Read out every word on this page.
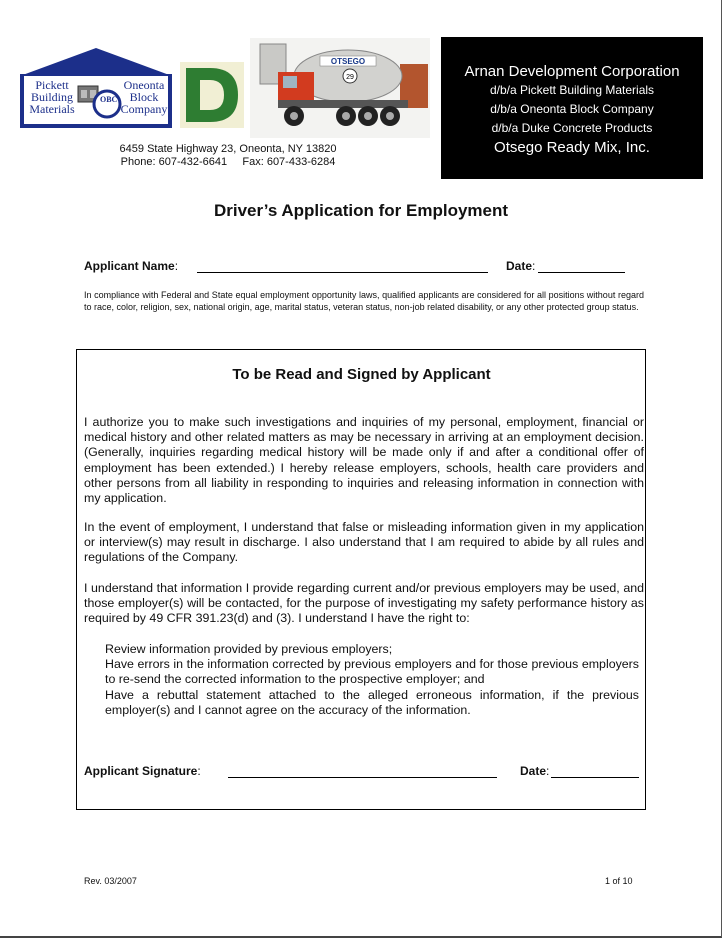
Pickett
Building
Materials
OBC
Oneonta
Block
Company
OTSEGO
29
6459 State Highway 23, Oneonta, NY 13820
Phone: 607-432-6641     Fax: 607-433-6284
Arnan Development Corporation
d/b/a Pickett Building Materials
d/b/a Oneonta Block Company
d/b/a Duke Concrete Products
Otsego Ready Mix, Inc.
Driver’s Application for Employment
Applicant Name:	Date:
In compliance with Federal and State equal employment opportunity laws, qualified applicants are considered for all positions without regard to race, color, religion, sex, national origin, age, marital status, veteran status, non-job related disability, or any other protected group status.
To be Read and Signed by Applicant
I authorize you to make such investigations and inquiries of my personal, employment, financial or medical history and other related matters as may be necessary in arriving at an employment decision. (Generally, inquiries regarding medical history will be made only if and after a conditional offer of employment has been extended.) I hereby release employers, schools, health care providers and other persons from all liability in responding to inquiries and releasing information in connection with my application.
In the event of employment, I understand that false or misleading information given in my application or interview(s) may result in discharge. I also understand that I am required to abide by all rules and regulations of the Company.
I understand that information I provide regarding current and/or previous employers may be used, and those employer(s) will be contacted, for the purpose of investigating my safety performance history as required by 49 CFR 391.23(d) and (3). I understand I have the right to:
Review information provided by previous employers;
Have errors in the information corrected by previous employers and for those previous employers to re-send the corrected information to the prospective employer; and
Have a rebuttal statement attached to the alleged erroneous information, if the previous employer(s) and I cannot agree on the accuracy of the information.
Applicant Signature:	Date:
Rev. 03/2007	1 of 10
